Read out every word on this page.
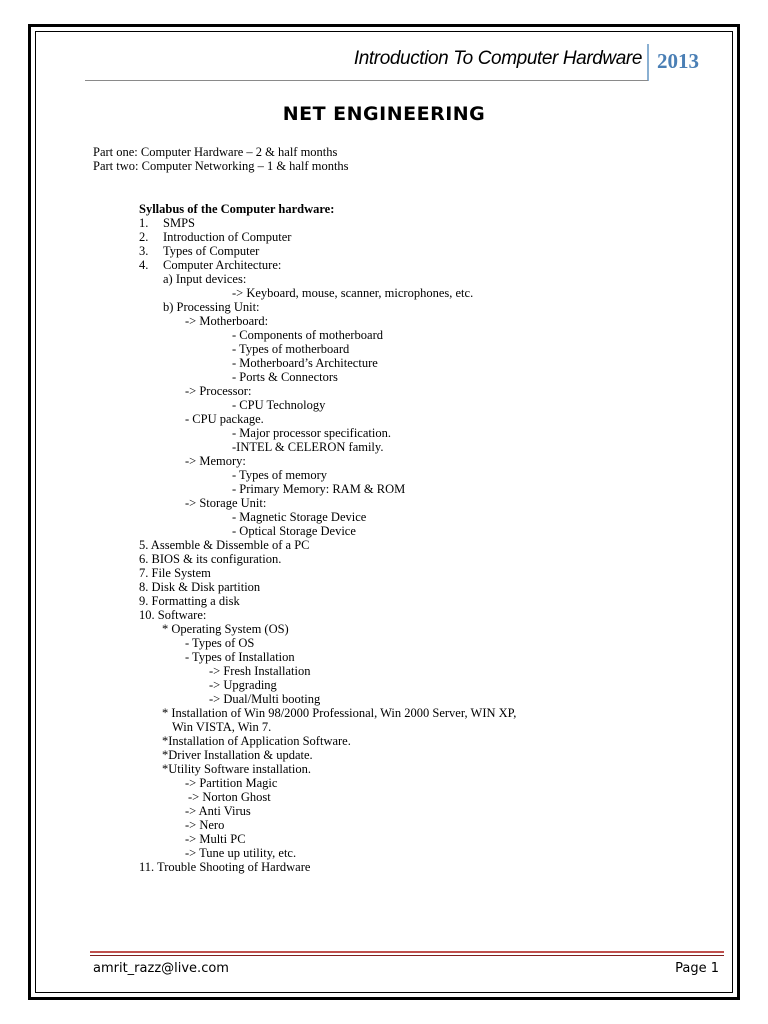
Introduction To Computer Hardware 2013
NET ENGINEERING
Part one: Computer Hardware – 2 & half months
Part two: Computer Networking – 1 & half months
Syllabus of the Computer hardware:
1. SMPS
2. Introduction of Computer
3. Types of Computer
4. Computer Architecture:
a) Input devices:
-> Keyboard, mouse, scanner, microphones, etc.
b) Processing Unit:
-> Motherboard:
- Components of motherboard
- Types of motherboard
- Motherboard’s Architecture
- Ports & Connectors
-> Processor:
- CPU Technology
- CPU package.
- Major processor specification.
-INTEL & CELERON family.
-> Memory:
- Types of memory
- Primary Memory: RAM & ROM
-> Storage Unit:
- Magnetic Storage Device
- Optical Storage Device
5. Assemble & Dissemble of a PC
6. BIOS & its configuration.
7. File System
8. Disk & Disk partition
9. Formatting a disk
10. Software:
* Operating System (OS)
- Types of OS
- Types of Installation
-> Fresh Installation
-> Upgrading
-> Dual/Multi booting
* Installation of Win 98/2000 Professional, Win 2000 Server, WIN XP,
Win VISTA, Win 7.
*Installation of Application Software.
*Driver Installation & update.
*Utility Software installation.
-> Partition Magic
-> Norton Ghost
-> Anti Virus
-> Nero
-> Multi PC
-> Tune up utility, etc.
11. Trouble Shooting of Hardware
amrit_razz@live.com	Page 1
